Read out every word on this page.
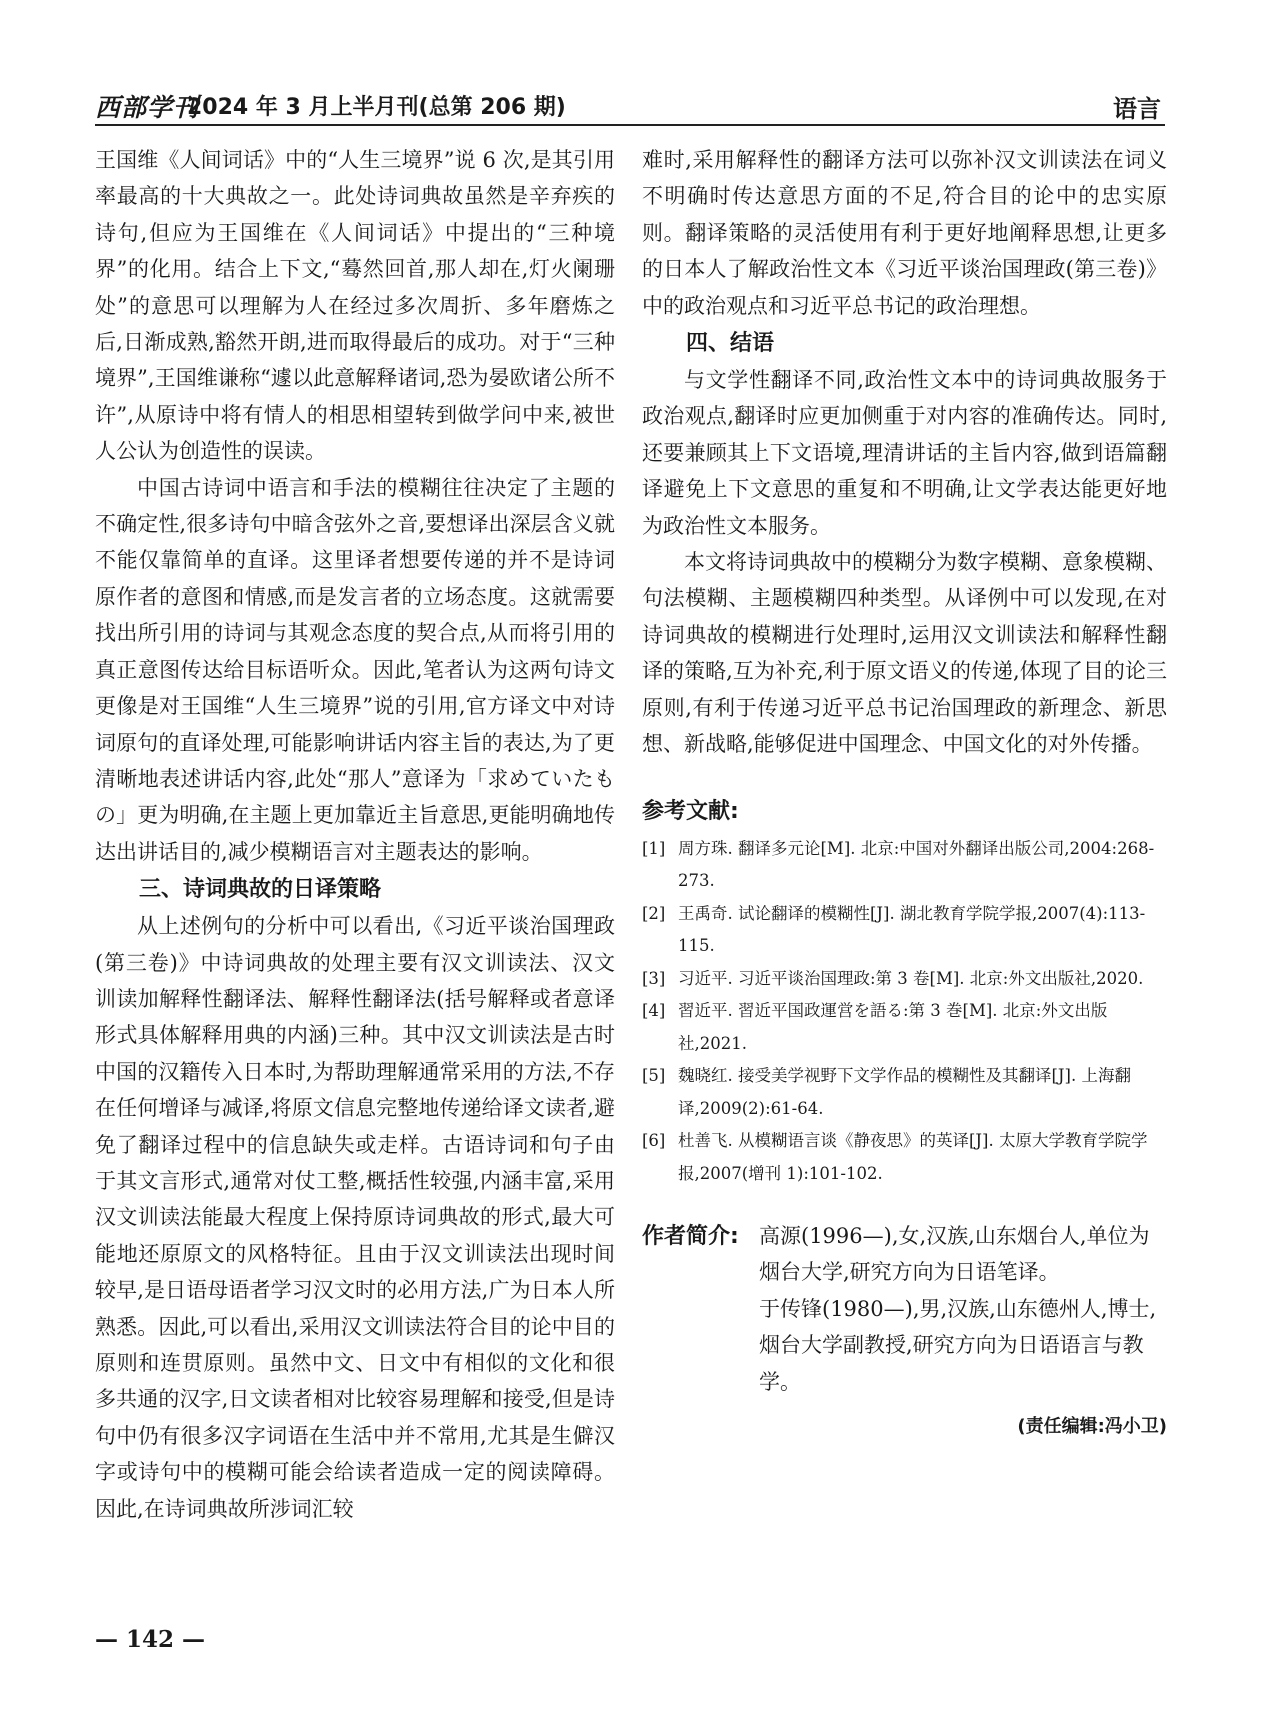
西部学刊
2024 年 3 月上半月刊(总第 206 期)	语言

王国维《人间词话》中的“人生三境界”说 6 次,是其引用率最高的十大典故之一。此处诗词典故虽然是辛弃疾的诗句,但应为王国维在《人间词话》中提出的“三种境界”的化用。结合上下文,“蓦然回首,那人却在,灯火阑珊处”的意思可以理解为人在经过多次周折、多年磨炼之后,日渐成熟,豁然开朗,进而取得最后的成功。对于“三种境界”,王国维谦称“遽以此意解释诸词,恐为晏欧诸公所不许”,从原诗中将有情人的相思相望转到做学问中来,被世人公认为创造性的误读。

中国古诗词中语言和手法的模糊往往决定了主题的不确定性,很多诗句中暗含弦外之音,要想译出深层含义就不能仅靠简单的直译。这里译者想要传递的并不是诗词原作者的意图和情感,而是发言者的立场态度。这就需要找出所引用的诗词与其观念态度的契合点,从而将引用的真正意图传达给目标语听众。因此,笔者认为这两句诗文更像是对王国维“人生三境界”说的引用,官方译文中对诗词原句的直译处理,可能影响讲话内容主旨的表达,为了更清晰地表述讲话内容,此处“那人”意译为「求めていたもの」更为明确,在主题上更加靠近主旨意思,更能明确地传达出讲话目的,减少模糊语言对主题表达的影响。

三、诗词典故的日译策略

从上述例句的分析中可以看出,《习近平谈治国理政(第三卷)》中诗词典故的处理主要有汉文训读法、汉文训读加解释性翻译法、解释性翻译法(括号解释或者意译形式具体解释用典的内涵)三种。其中汉文训读法是古时中国的汉籍传入日本时,为帮助理解通常采用的方法,不存在任何增译与减译,将原文信息完整地传递给译文读者,避免了翻译过程中的信息缺失或走样。古语诗词和句子由于其文言形式,通常对仗工整,概括性较强,内涵丰富,采用汉文训读法能最大程度上保持原诗词典故的形式,最大可能地还原原文的风格特征。且由于汉文训读法出现时间较早,是日语母语者学习汉文时的必用方法,广为日本人所熟悉。因此,可以看出,采用汉文训读法符合目的论中目的原则和连贯原则。虽然中文、日文中有相似的文化和很多共通的汉字,日文读者相对比较容易理解和接受,但是诗句中仍有很多汉字词语在生活中并不常用,尤其是生僻汉字或诗句中的模糊可能会给读者造成一定的阅读障碍。因此,在诗词典故所涉词汇较

难时,采用解释性的翻译方法可以弥补汉文训读法在词义不明确时传达意思方面的不足,符合目的论中的忠实原则。翻译策略的灵活使用有利于更好地阐释思想,让更多的日本人了解政治性文本《习近平谈治国理政(第三卷)》中的政治观点和习近平总书记的政治理想。

四、结语

与文学性翻译不同,政治性文本中的诗词典故服务于政治观点,翻译时应更加侧重于对内容的准确传达。同时,还要兼顾其上下文语境,理清讲话的主旨内容,做到语篇翻译避免上下文意思的重复和不明确,让文学表达能更好地为政治性文本服务。

本文将诗词典故中的模糊分为数字模糊、意象模糊、句法模糊、主题模糊四种类型。从译例中可以发现,在对诗词典故的模糊进行处理时,运用汉文训读法和解释性翻译的策略,互为补充,利于原文语义的传递,体现了目的论三原则,有利于传递习近平总书记治国理政的新理念、新思想、新战略,能够促进中国理念、中国文化的对外传播。

参考文献:

[1] 周方珠. 翻译多元论[M]. 北京:中国对外翻译出版公司,2004:268-273.

[2] 王禹奇. 试论翻译的模糊性[J]. 湖北教育学院学报,2007(4):113-115.

[3] 习近平. 习近平谈治国理政:第 3 卷[M]. 北京:外文出版社,2020.

[4] 習近平. 習近平国政運営を語る:第 3 巻[M]. 北京:外文出版社,2021.

[5] 魏晓红. 接受美学视野下文学作品的模糊性及其翻译[J]. 上海翻译,2009(2):61-64.

[6] 杜善飞. 从模糊语言谈《静夜思》的英译[J]. 太原大学教育学院学报,2007(增刊 1):101-102.

作者简介: 高源(1996—),女,汉族,山东烟台人,单位为烟台大学,研究方向为日语笔译。

于传锋(1980—),男,汉族,山东德州人,博士,烟台大学副教授,研究方向为日语语言与教学。

(责任编辑:冯小卫)
— 142 —
